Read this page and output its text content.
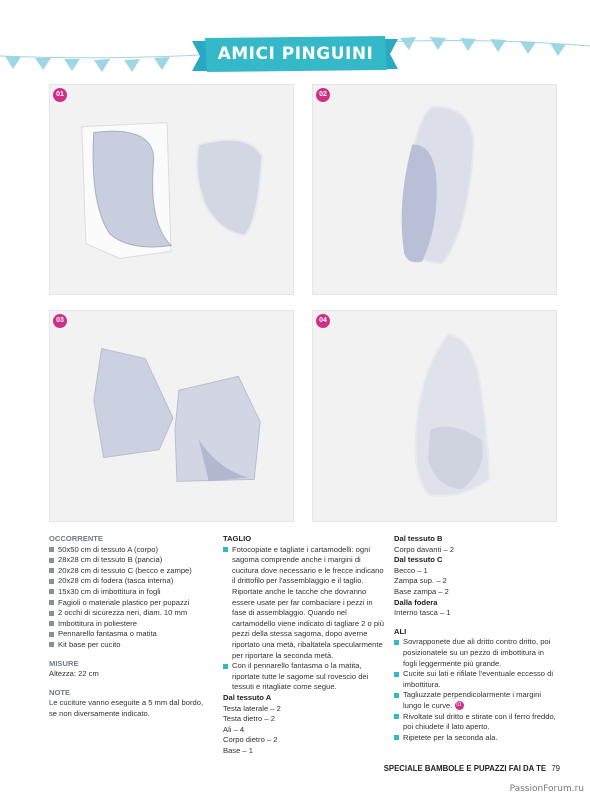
AMICI PINGUINI
01	02
03	04
OCCORRENTE
50x50 cm di tessuto A (corpo)
28x28 cm di tessuto B (pancia)
20x28 cm di tessuto C (becco e zampe)
20x28 cm di fodera (tasca interna)
15x30 cm di imbottitura in fogli
Fagioli o materiale plastico per pupazzi
2 occhi di sicurezza neri, diam. 10 mm
Imbottitura in poliestere
Pennarello fantasma o matita
Kit base per cucito
MISURE
Altezza: 22 cm
NOTE
Le cuciture vanno eseguite a 5 mm dal bordo, se non diversamente indicato.
TAGLIO
Fotocopiate e tagliate i cartamodelli: ogni sagoma comprende anche i margini di cucitura dove necessario e le frecce indicano il drittofilo per l'assemblaggio e il taglio. Riportate anche le tacche che dovranno essere usate per far combaciare i pezzi in fase di assemblaggio. Quando nel cartamodello viene indicato di tagliare 2 o più pezzi della stessa sagoma, dopo averne riportato una metà, ribaltatela specularmente per riportare la seconda metà.
Con il pennarello fantasma o la matita, riportate tutte le sagome sul rovescio dei tessuti e ritagliate come segue.
Dal tessuto A
Testa laterale – 2
Testa dietro – 2
Ali – 4
Corpo dietro – 2
Base – 1
Dal tessuto B
Corpo davanti – 2
Dal tessuto C
Becco – 1
Zampa sup. – 2
Base zampa – 2
Dalla fodera
Interno tasca – 1
ALI
Sovrapponete due ali dritto contro dritto, poi posizionatele su un pezzo di imbottitura in fogli leggermente più grande.
Cucite sui lati e rifilate l'eventuale eccesso di imbottitura.
Tagliuzzate perpendicolarmente i margini lungo le curve. 01
Rivoltate sul dritto e stirate con il ferro freddo, poi chiudete il lato aperto.
Ripetete per la seconda ala.
SPECIALE BAMBOLE E PUPAZZI FAI DA TE 79
PassionForum.ru
